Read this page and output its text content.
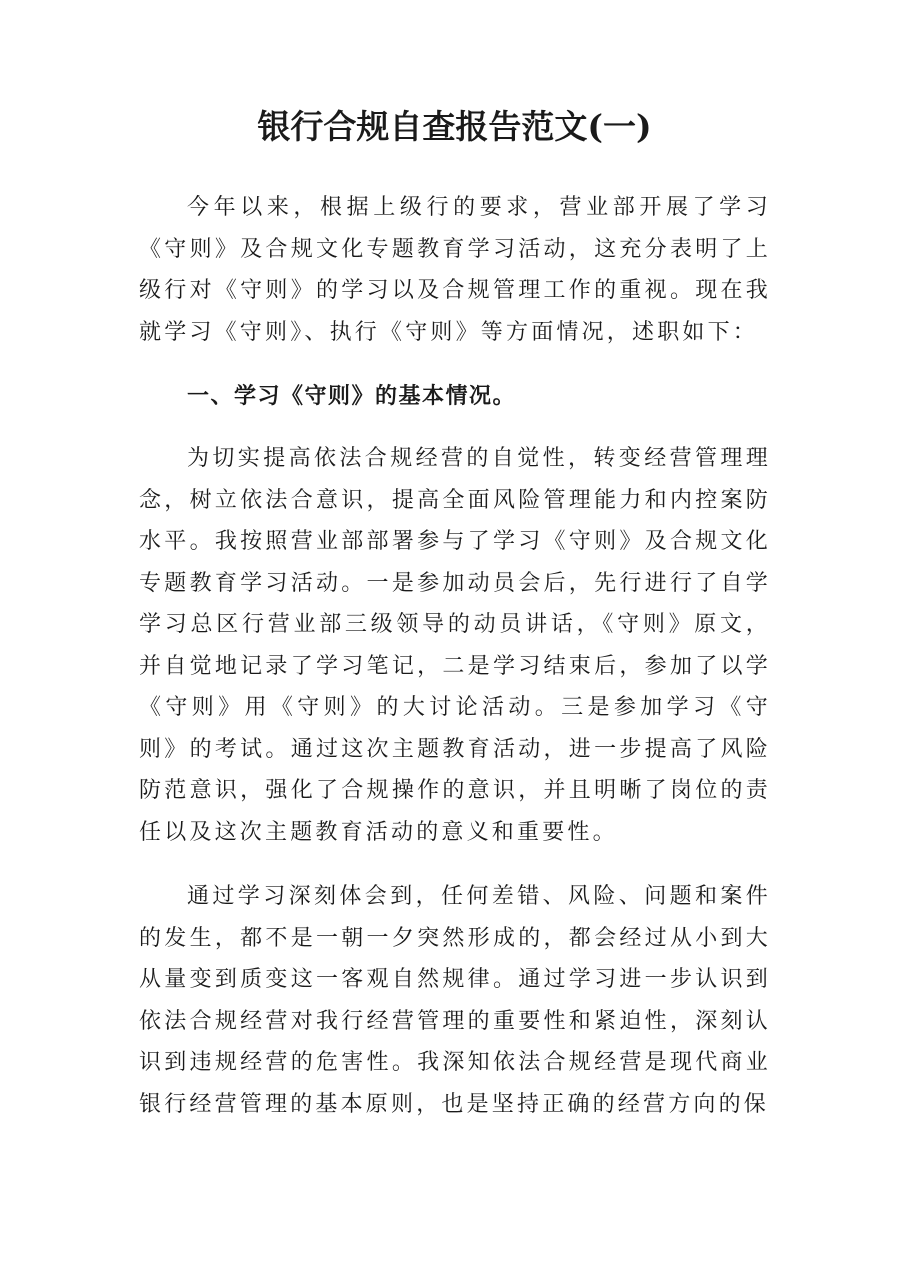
银行合规自查报告范文(一)

今年以来，根据上级行的要求，营业部开展了学习《守则》及合规文化专题教育学习活动，这充分表明了上级行对《守则》的学习以及合规管理工作的重视。现在我就学习《守则》、执行《守则》等方面情况，述职如下：

一、学习《守则》的基本情况。

为切实提高依法合规经营的自觉性，转变经营管理理念，树立依法合意识，提高全面风险管理能力和内控案防水平。我按照营业部部署参与了学习《守则》及合规文化专题教育学习活动。一是参加动员会后，先行进行了自学学习总区行营业部三级领导的动员讲话，《守则》原文，并自觉地记录了学习笔记，二是学习结束后，参加了以学《守则》用《守则》的大讨论活动。三是参加学习《守则》的考试。通过这次主题教育活动，进一步提高了风险防范意识，强化了合规操作的意识，并且明晰了岗位的责任以及这次主题教育活动的意义和重要性。

通过学习深刻体会到，任何差错、风险、问题和案件的发生，都不是一朝一夕突然形成的，都会经过从小到大从量变到质变这一客观自然规律。通过学习进一步认识到依法合规经营对我行经营管理的重要性和紧迫性，深刻认识到违规经营的危害性。我深知依法合规经营是现代商业银行经营管理的基本原则，也是坚持正确的经营方向的保
